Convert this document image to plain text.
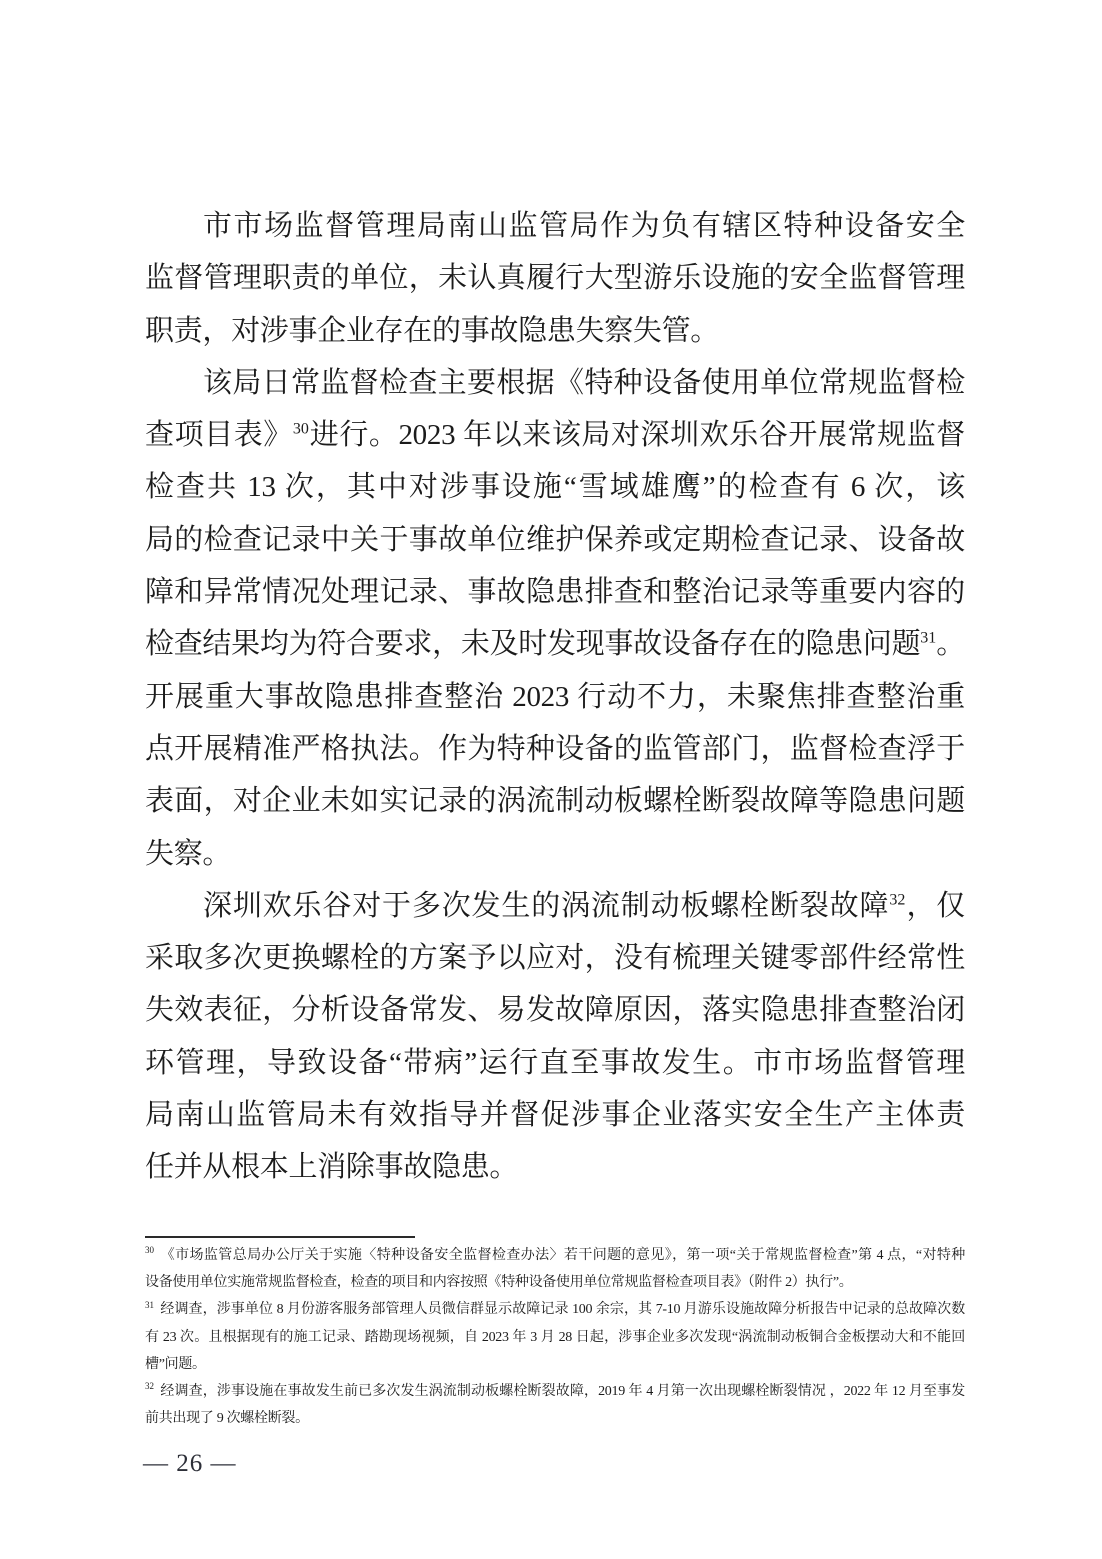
市市场监督管理局南山监管局作为负有辖区特种设备安全
监督管理职责的单位，未认真履行大型游乐设施的安全监督管理
职责，对涉事企业存在的事故隐患失察失管。
该局日常监督检查主要根据《特种设备使用单位常规监督检
查项目表》$^{30}$进行。2023 年以来该局对深圳欢乐谷开展常规监督
检查共 13 次，其中对涉事设施“雪域雄鹰”的检查有 6 次，该
局的检查记录中关于事故单位维护保养或定期检查记录、设备故
障和异常情况处理记录、事故隐患排查和整治记录等重要内容的
检查结果均为符合要求，未及时发现事故设备存在的隐患问题$^{31}$。
开展重大事故隐患排查整治 2023 行动不力，未聚焦排查整治重
点开展精准严格执法。作为特种设备的监管部门，监督检查浮于
表面，对企业未如实记录的涡流制动板螺栓断裂故障等隐患问题
失察。
深圳欢乐谷对于多次发生的涡流制动板螺栓断裂故障$^{32}$，仅
采取多次更换螺栓的方案予以应对，没有梳理关键零部件经常性
失效表征，分析设备常发、易发故障原因，落实隐患排查整治闭
环管理，导致设备“带病”运行直至事故发生。市市场监督管理
局南山监管局未有效指导并督促涉事企业落实安全生产主体责
任并从根本上消除事故隐患。
$^{30}$ 《市场监管总局办公厅关于实施〈特种设备安全监督检查办法〉若干问题的意见》，第一项“关于常规监督检查”第 4 点，“对特种
设备使用单位实施常规监督检查，检查的项目和内容按照《特种设备使用单位常规监督检查项目表》（附件 2）执行”。
$^{31}$ 经调查，涉事单位 8 月份游客服务部管理人员微信群显示故障记录 100 余宗，其 7-10 月游乐设施故障分析报告中记录的总故障次数
有 23 次。且根据现有的施工记录、踏勘现场视频，自 2023 年 3 月 28 日起，涉事企业多次发现“涡流制动板铜合金板摆动大和不能回
槽”问题。
$^{32}$ 经调查，涉事设施在事故发生前已多次发生涡流制动板螺栓断裂故障，2019 年 4 月第一次出现螺栓断裂情况 ，2022 年 12 月至事发
前共出现了 9 次螺栓断裂。
— 26 —
